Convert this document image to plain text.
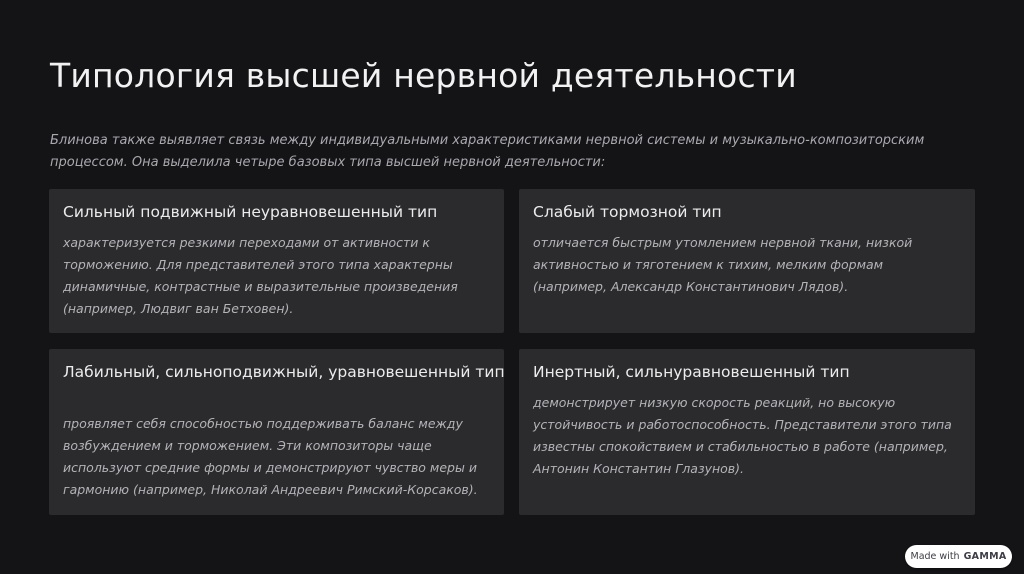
Типология высшей нервной деятельности

Блинова также выявляет связь между индивидуальными характеристиками нервной системы и музыкально-композиторским процессом. Она выделила четыре базовых типа высшей нервной деятельности:

Сильный подвижный неуравновешенный тип

характеризуется резкими переходами от активности к торможению. Для представителей этого типа характерны динамичные, контрастные и выразительные произведения (например, Людвиг ван Бетховен).

Слабый тормозной тип

отличается быстрым утомлением нервной ткани, низкой активностью и тяготением к тихим, мелким формам (например, Александр Константинович Лядов).

Лабильный, сильноподвижный, уравновешенный тип

проявляет себя способностью поддерживать баланс между возбуждением и торможением. Эти композиторы чаще используют средние формы и демонстрируют чувство меры и гармонию (например, Николай Андреевич Римский-Корсаков).

Инертный, сильнуравновешенный тип

демонстрирует низкую скорость реакций, но высокую устойчивость и работоспособность. Представители этого типа известны спокойствием и стабильностью в работе (например, Антонин Константин Глазунов).

Made with GAMMA
